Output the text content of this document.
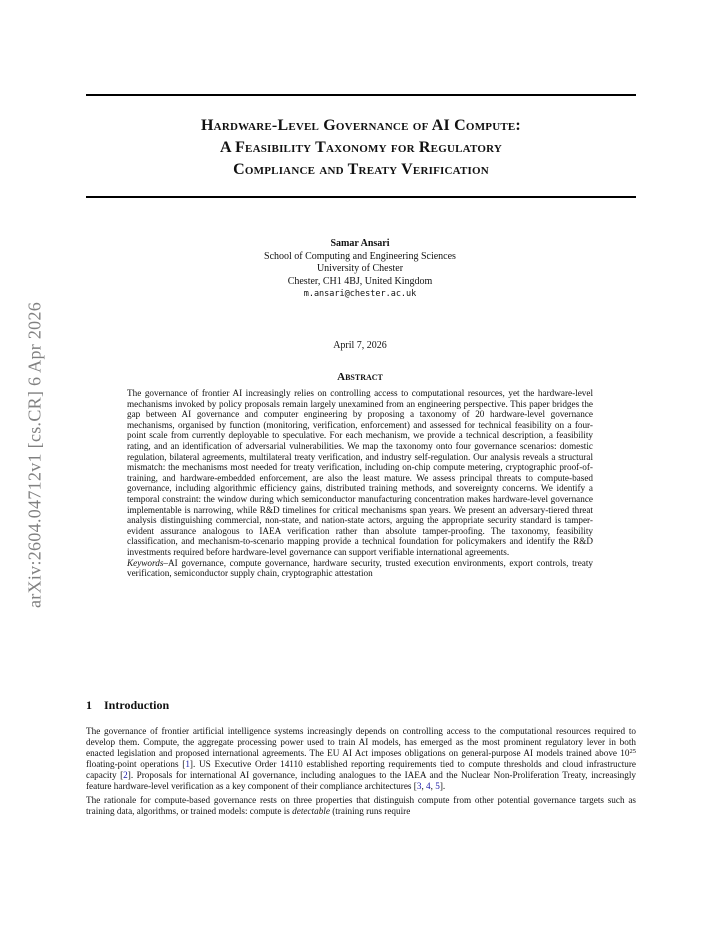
arXiv:2604.04712v1 [cs.CR] 6 Apr 2026
Hardware-Level Governance of AI Compute:
A Feasibility Taxonomy for Regulatory
Compliance and Treaty Verification
Samar Ansari
School of Computing and Engineering Sciences
University of Chester
Chester, CH1 4BJ, United Kingdom
m.ansari@chester.ac.uk
April 7, 2026
Abstract

The governance of frontier AI increasingly relies on controlling access to computational resources, yet the hardware-level mechanisms invoked by policy proposals remain largely unexamined from an engineering perspective. This paper bridges the gap between AI governance and computer engineering by proposing a taxonomy of 20 hardware-level governance mechanisms, organised by function (monitoring, verification, enforcement) and assessed for technical feasibility on a four-point scale from currently deployable to speculative. For each mechanism, we provide a technical description, a feasibility rating, and an identification of adversarial vulnerabilities. We map the taxonomy onto four governance scenarios: domestic regulation, bilateral agreements, multilateral treaty verification, and industry self-regulation. Our analysis reveals a structural mismatch: the mechanisms most needed for treaty verification, including on-chip compute metering, cryptographic proof-of-training, and hardware-embedded enforcement, are also the least mature. We assess principal threats to compute-based governance, including algorithmic efficiency gains, distributed training methods, and sovereignty concerns. We identify a temporal constraint: the window during which semiconductor manufacturing concentration makes hardware-level governance implementable is narrowing, while R&D timelines for critical mechanisms span years. We present an adversary-tiered threat analysis distinguishing commercial, non-state, and nation-state actors, arguing the appropriate security standard is tamper-evident assurance analogous to IAEA verification rather than absolute tamper-proofing. The taxonomy, feasibility classification, and mechanism-to-scenario mapping provide a technical foundation for policymakers and identify the R&D investments required before hardware-level governance can support verifiable international agreements.

Keywords–AI governance, compute governance, hardware security, trusted execution environments, export controls, treaty verification, semiconductor supply chain, cryptographic attestation

1 Introduction

The governance of frontier artificial intelligence systems increasingly depends on controlling access to the computational resources required to develop them. Compute, the aggregate processing power used to train AI models, has emerged as the most prominent regulatory lever in both enacted legislation and proposed international agreements. The EU AI Act imposes obligations on general-purpose AI models trained above $10^{25}$ floating-point operations [1]. US Executive Order 14110 established reporting requirements tied to compute thresholds and cloud infrastructure capacity [2]. Proposals for international AI governance, including analogues to the IAEA and the Nuclear Non-Proliferation Treaty, increasingly feature hardware-level verification as a key component of their compliance architectures [3, 4, 5].

The rationale for compute-based governance rests on three properties that distinguish compute from other potential governance targets such as training data, algorithms, or trained models: compute is detectable (training runs require
